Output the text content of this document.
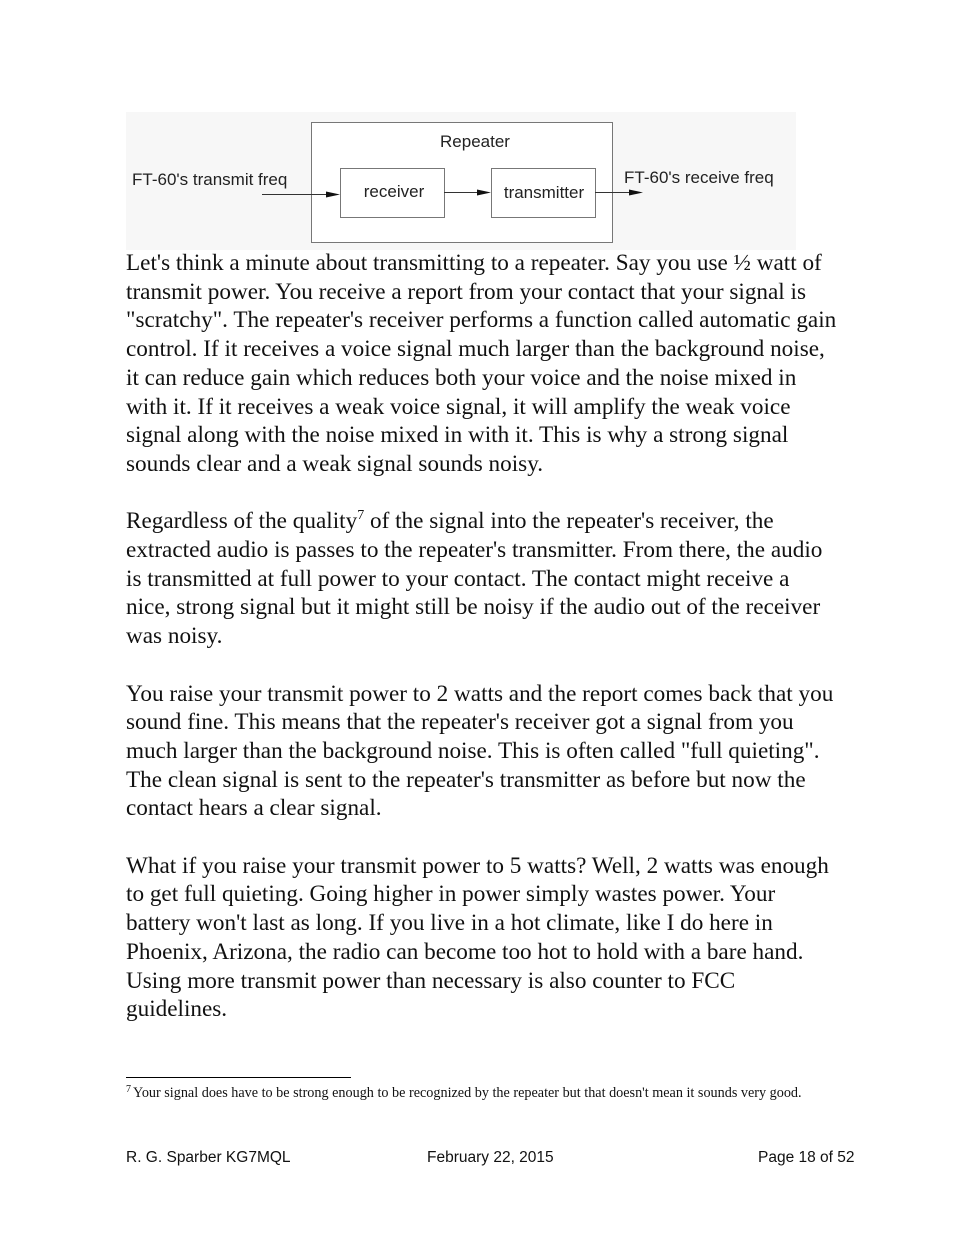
Repeater
FT-60's transmit freq
receiver	transmitter
FT-60's receive freq

Let's think a minute about transmitting to a repeater. Say you use ½ watt of transmit power. You receive a report from your contact that your signal is "scratchy". The repeater's receiver performs a function called automatic gain control. If it receives a voice signal much larger than the background noise, it can reduce gain which reduces both your voice and the noise mixed in with it. If it receives a weak voice signal, it will amplify the weak voice signal along with the noise mixed in with it. This is why a strong signal sounds clear and a weak signal sounds noisy.

Regardless of the quality$^7$ of the signal into the repeater's receiver, the extracted audio is passes to the repeater's transmitter. From there, the audio is transmitted at full power to your contact. The contact might receive a nice, strong signal but it might still be noisy if the audio out of the receiver was noisy.

You raise your transmit power to 2 watts and the report comes back that you sound fine. This means that the repeater's receiver got a signal from you much larger than the background noise. This is often called "full quieting". The clean signal is sent to the repeater's transmitter as before but now the contact hears a clear signal.

What if you raise your transmit power to 5 watts? Well, 2 watts was enough to get full quieting. Going higher in power simply wastes power. Your battery won't last as long. If you live in a hot climate, like I do here in Phoenix, Arizona, the radio can become too hot to hold with a bare hand. Using more transmit power than necessary is also counter to FCC guidelines.

$^7$ Your signal does have to be strong enough to be recognized by the repeater but that doesn't mean it sounds very good.
R. G. Sparber KG7MQL	February 22, 2015	Page 18 of 52
